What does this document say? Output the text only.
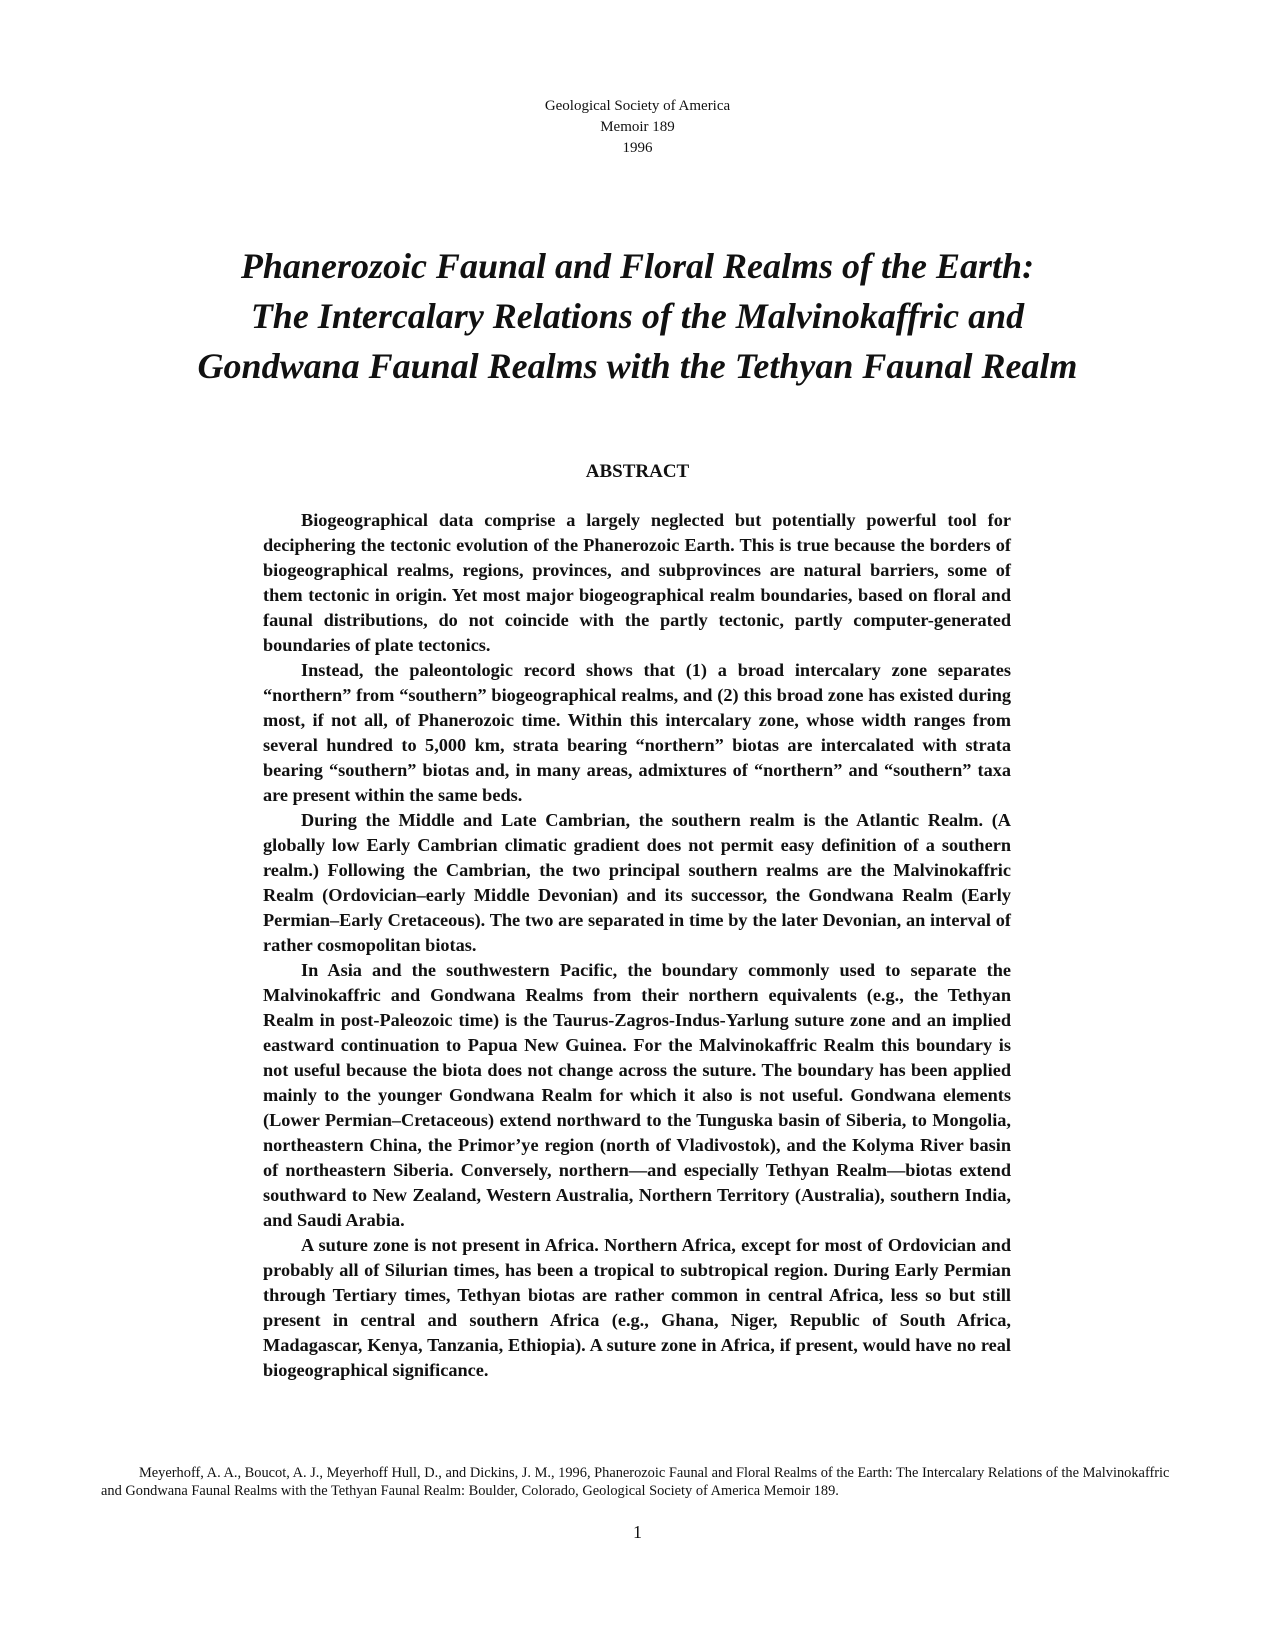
Geological Society of America
Memoir 189
1996
Phanerozoic Faunal and Floral Realms of the Earth:
The Intercalary Relations of the Malvinokaffric and
Gondwana Faunal Realms with the Tethyan Faunal Realm
ABSTRACT

Biogeographical data comprise a largely neglected but potentially powerful tool for deciphering the tectonic evolution of the Phanerozoic Earth. This is true because the borders of biogeographical realms, regions, provinces, and subprovinces are natural barriers, some of them tectonic in origin. Yet most major biogeographical realm boundaries, based on floral and faunal distributions, do not coincide with the partly tectonic, partly computer-generated boundaries of plate tectonics.

Instead, the paleontologic record shows that (1) a broad intercalary zone separates “northern” from “southern” biogeographical realms, and (2) this broad zone has existed during most, if not all, of Phanerozoic time. Within this intercalary zone, whose width ranges from several hundred to 5,000 km, strata bearing “northern” biotas are intercalated with strata bearing “southern” biotas and, in many areas, admixtures of “northern” and “southern” taxa are present within the same beds.

During the Middle and Late Cambrian, the southern realm is the Atlantic Realm. (A globally low Early Cambrian climatic gradient does not permit easy definition of a southern realm.) Following the Cambrian, the two principal southern realms are the Malvinokaffric Realm (Ordovician–early Middle Devonian) and its successor, the Gondwana Realm (Early Permian–Early Cretaceous). The two are separated in time by the later Devonian, an interval of rather cosmopolitan biotas.

In Asia and the southwestern Pacific, the boundary commonly used to separate the Malvinokaffric and Gondwana Realms from their northern equivalents (e.g., the Tethyan Realm in post-Paleozoic time) is the Taurus-Zagros-Indus-Yarlung suture zone and an implied eastward continuation to Papua New Guinea. For the Malvinokaffric Realm this boundary is not useful because the biota does not change across the suture. The boundary has been applied mainly to the younger Gondwana Realm for which it also is not useful. Gondwana elements (Lower Permian–Cretaceous) extend northward to the Tunguska basin of Siberia, to Mongolia, northeastern China, the Primor’ye region (north of Vladivostok), and the Kolyma River basin of northeastern Siberia. Conversely, northern—and especially Tethyan Realm—biotas extend southward to New Zealand, Western Australia, Northern Territory (Australia), southern India, and Saudi Arabia.

A suture zone is not present in Africa. Northern Africa, except for most of Ordovician and probably all of Silurian times, has been a tropical to subtropical region. During Early Permian through Tertiary times, Tethyan biotas are rather common in central Africa, less so but still present in central and southern Africa (e.g., Ghana, Niger, Republic of South Africa, Madagascar, Kenya, Tanzania, Ethiopia). A suture zone in Africa, if present, would have no real biogeographical significance.

Meyerhoff, A. A., Boucot, A. J., Meyerhoff Hull, D., and Dickins, J. M., 1996, Phanerozoic Faunal and Floral Realms of the Earth: The Intercalary Relations of the Malvinokaffric and Gondwana Faunal Realms with the Tethyan Faunal Realm: Boulder, Colorado, Geological Society of America Memoir 189.

1
